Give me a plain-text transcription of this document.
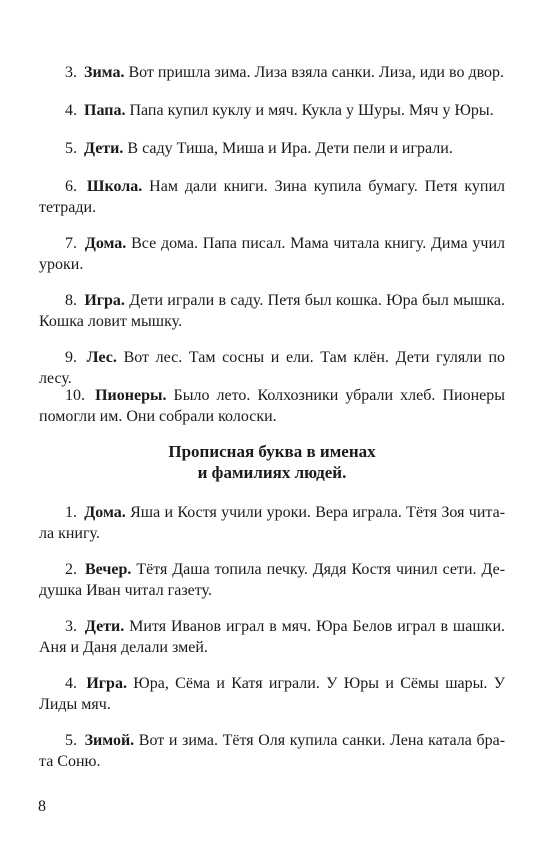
3. Зима. Вот пришла зима. Лиза взяла санки. Лиза, иди во двор.

4. Папа. Папа купил куклу и мяч. Кукла у Шуры. Мяч у Юры.

5. Дети. В саду Тиша, Миша и Ира. Дети пели и играли.

6. Школа. Нам дали книги. Зина купила бумагу. Петя купил тетради.

7. Дома. Все дома. Папа писал. Мама читала книгу. Дима учил уроки.

8. Игра. Дети играли в саду. Петя был кошка. Юра был мышка. Кошка ловит мышку.

9. Лес. Вот лес. Там сосны и ели. Там клён. Дети гуляли по лесу.

10. Пионеры. Было лето. Колхозники убрали хлеб. Пионеры помогли им. Они собрали колоски.

Прописная буква в именах
и фамилиях людей.

1. Дома. Яша и Костя учили уроки. Вера играла. Тётя Зоя читала книгу.

2. Вечер. Тётя Даша топила печку. Дядя Костя чинил сети. Дедушка Иван читал газету.

3. Дети. Митя Иванов играл в мяч. Юра Белов играл в шашки. Аня и Даня делали змей.

4. Игра. Юра, Сёма и Катя играли. У Юры и Сёмы шары. У Лиды мяч.

5. Зимой. Вот и зима. Тётя Оля купила санки. Лена катала брата Соню.

8
